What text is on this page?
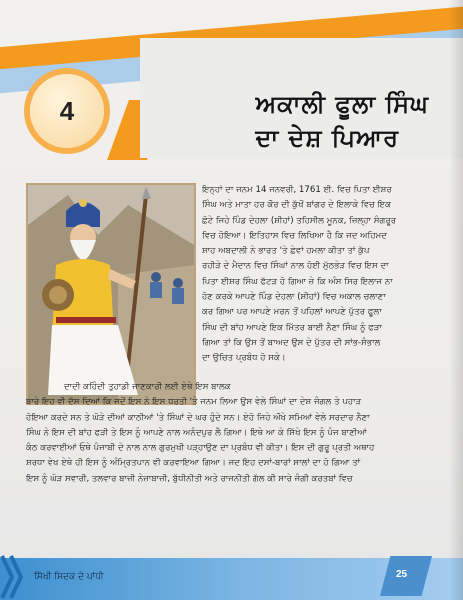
4	ਅਕਾਲੀ ਫੂਲਾ ਸਿੰਘ
ਦਾ ਦੇਸ਼ ਪਿਆਰ
ਇਨ੍ਹਾਂ ਦਾ ਜਨਮ 14 ਜਨਵਰੀ, 1761 ਈ. ਵਿਚ ਪਿਤਾ ਈਸ਼ਰ
ਸਿੰਘ ਅਤੇ ਮਾਤਾ ਹਰ ਕੌਰ ਦੀ ਕੁੱਖੋਂ ਬਾਂਗਰ ਦੇ ਇਲਾਕੇ ਵਿਚ ਇਕ
ਛੋਟੇ ਜਿਹੇ ਪਿੰਡ ਦੇਹਲਾ (ਸ਼ੀਹਾਂ) ਤਹਿਸੀਲ ਮੂਨਕ, ਜ਼ਿਲ੍ਹਾ ਸੰਗਰੂਰ
ਵਿਚ ਹੋਇਆ। ਇਤਿਹਾਸ ਵਿਚ ਲਿਖਿਆ ਹੈ ਕਿ ਜਦ ਅਹਿਮਦ
ਸ਼ਾਹ ਅਬਦਾਲੀ ਨੇ ਭਾਰਤ 'ਤੇ ਛੇਵਾਂ ਹਮਲਾ ਕੀਤਾ ਤਾਂ ਕੁੱਪ
ਰਹੀੜੇ ਦੇ ਮੈਦਾਨ ਵਿਚ ਸਿੰਘਾਂ ਨਾਲ ਹੋਈ ਮੁੱਠਭੇੜ ਵਿਚ ਇਸ ਦਾ
ਪਿਤਾ ਈਸ਼ਰ ਸਿੰਘ ਫੱਟੜ ਹੋ ਗਿਆ ਜ਼ੇ ਕਿ ਅੰਸ ਸਿਰ ਇਲਾਜ ਨਾ
ਹੋਣ ਕਰਕੇ ਆਪਣੇ ਪਿੰਡ ਦੇਹਲਾ (ਸ਼ੀਹਾਂ) ਵਿਚ ਅਕਾਲ ਚਲਾਣਾ
ਕਰ ਗਿਆ ਪਰ ਆਪਣੇ ਮਰਨ ਤੋਂ ਪਹਿਲਾਂ ਆਪਣੇ ਪੁੱਤਰ ਫੂਲਾ
ਸਿੰਘ ਦੀ ਬਾਂਹ ਆਪਣੇ ਇਕ ਮਿੱਤਰ ਬਾਈ ਨੈਣਾ ਸਿੰਘ ਨੂੰ ਫੜਾ
ਗਿਆ ਤਾਂ ਕਿ ਉਸ ਤੋਂ ਬਾਅਦ ਉਸ ਦੇ ਪੁੱਤਰ ਦੀ ਸਾਂਭ-ਸੰਭਾਲ
ਦਾ ਉਚਿਤ ਪ੍ਰਬੰਧ ਹੋ ਸਕੇ।
ਦਾਦੀ ਕਹਿੰਦੀ ਤੁਹਾਡੀ ਜਾਣਕਾਰੀ ਲਈ ਏਥੇ ਇਸ ਬਾਲਕ
ਬਾਰੇ ਇਹ ਵੀ ਦੱਸ ਦਿਆਂ ਕਿ ਜਦੋਂ ਇਸ ਨੇ ਇਸ ਧਰਤੀ 'ਤੇ ਜਨਮ ਲਿਆ ਉਸ ਵੇਲੇ ਸਿੰਘਾਂ ਦਾ ਦੇਸ਼ ਜੰਗਲ ਤੇ ਪਹਾੜ
ਹੋਇਆ ਕਰਦੇ ਸਨ ਤੇ ਘੋੜੇ ਦੀਆਂ ਕਾਠੀਆਂ 'ਤੇ ਸਿੰਘਾਂ ਦੇ ਘਰ ਹੁੰਦੇ ਸਨ। ਏਹੋ ਜਿਹੇ ਔਖੇ ਸਮਿਆਂ ਵੇਲੇ ਸਰਦਾਰ ਨੈਣਾ
ਸਿੰਘ ਨੇ ਇਸ ਦੀ ਬਾਂਹ ਫੜੀ ਤੇ ਇਸ ਨੂੰ ਆਪਣੇ ਨਾਲ ਅਨੰਦਪੁਰ ਲੈ ਗਿਆ। ਇਥੇ ਆ ਕੇ ਸਿੱਖੇ ਇਸ ਨੂੰ ਪੰਜ ਬਾਣੀਆਂ
ਕੰਠ ਕਰਵਾਈਆਂ ਓਥੇ ਪੰਜਾਬੀ ਦੇ ਨਾਲ ਨਾਲ ਗੁਰਮੁਖੀ ਪੜ੍ਹਾਉਣ ਦਾ ਪ੍ਰਬੰਧ ਵੀ ਕੀਤਾ। ਇਸ ਦੀ ਗੁਰੂ ਪ੍ਰਤੀ ਅਥਾਹ
ਸ਼ਰਧਾ ਵੇਖ ਏਥੇ ਹੀ ਇਸ ਨੂੰ ਅੰਮ੍ਰਿਤਪਾਨ ਵੀ ਕਰਵਾਇਆ ਗਿਆ। ਜਦ ਇਹ ਦਸਾਂ-ਬਾਰਾਂ ਸਾਲਾਂ ਦਾ ਹੋ ਗਿਆ ਤਾਂ
ਇਸ ਨੂੰ ਘੋੜ ਸਵਾਰੀ, ਤਲਵਾਰ ਬਾਜ਼ੀ ਨੇਜ਼ਾਬਾਜ਼ੀ, ਬੁੱਧੀਨੀਤੀ ਅਤੇ ਰਾਜਨੀਤੀ ਗੱਲ ਕੀ ਸਾਰੇ ਜੰਗੀ ਕਰਤਬਾਂ ਵਿਚ
ਸਿੱਖੀ ਸਿਦਕ ਦੇ ਪਾਂਧੀ	25
